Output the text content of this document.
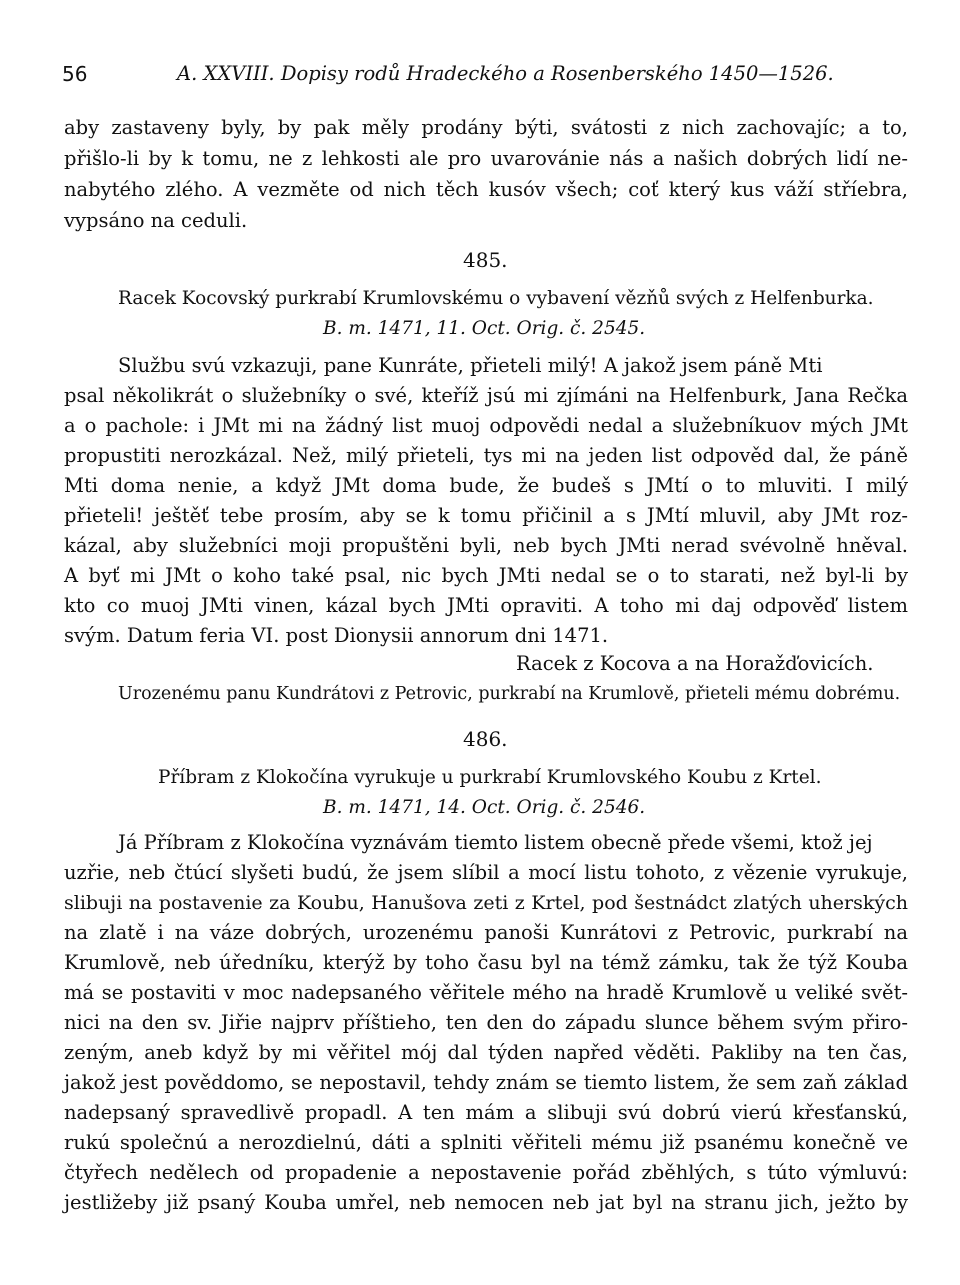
56	A. XXVIII. Dopisy rodů Hradeckého a Rosenberského 1450—1526.
aby zastaveny byly, by pak měly prodány býti, svátosti z nich zachovajíc; a to,
přišlo-li by k tomu, ne z lehkosti ale pro uvarovánie nás a našich dobrých lidí ne-
nabytého zlého. A vezměte od nich těch kusóv všech; coť který kus váží stříebra,
vypsáno na ceduli.
485.
Racek Kocovský purkrabí Krumlovskému o vybavení vězňů svých z Helfenburka.
B. m. 1471, 11. Oct. Orig. č. 2545.
Službu svú vzkazuji, pane Kunráte, přieteli milý! A jakož jsem páně Mti
psal několikrát o služebníky o své, kteříž jsú mi zjímáni na Helfenburk, Jana Rečka
a o pachole: i JMt mi na žádný list muoj odpovědi nedal a služebníkuov mých JMt
propustiti nerozkázal. Než, milý přieteli, tys mi na jeden list odpověd dal, že páně
Mti doma nenie, a když JMt doma bude, že budeš s JMtí o to mluviti. I milý
přieteli! ještěť tebe prosím, aby se k tomu přičinil a s JMtí mluvil, aby JMt roz-
kázal, aby služebníci moji propuštěni byli, neb bych JMti nerad svévolně hněval.
A byť mi JMt o koho také psal, nic bych JMti nedal se o to starati, než byl-li by
kto co muoj JMti vinen, kázal bych JMti opraviti. A toho mi daj odpověď listem
svým. Datum feria VI. post Dionysii annorum dni 1471.
Racek z Kocova a na Horažďovicích.
Urozenému panu Kundrátovi z Petrovic, purkrabí na Krumlově, přieteli mému dobrému.
486.
Příbram z Klokočína vyrukuje u purkrabí Krumlovského Koubu z Krtel.
B. m. 1471, 14. Oct. Orig. č. 2546.
Já Příbram z Klokočína vyznávám tiemto listem obecně přede všemi, ktož jej
uzřie, neb čtúcí slyšeti budú, že jsem slíbil a mocí listu tohoto, z vězenie vyrukuje,
slibuji na postavenie za Koubu, Hanušova zeti z Krtel, pod šestnádct zlatých uherských
na zlatě i na váze dobrých, urozenému panoši Kunrátovi z Petrovic, purkrabí na
Krumlově, neb úředníku, kterýž by toho času byl na témž zámku, tak že týž Kouba
má se postaviti v moc nadepsaného věřitele mého na hradě Krumlově u veliké svět-
nici na den sv. Jiřie najprv příštieho, ten den do západu slunce během svým přiro-
zeným, aneb když by mi věřitel mój dal týden napřed věděti. Pakliby na ten čas,
jakož jest pověddomo, se nepostavil, tehdy znám se tiemto listem, že sem zaň základ
nadepsaný spravedlivě propadl. A ten mám a slibuji svú dobrú vierú křesťanskú,
rukú společnú a nerozdielnú, dáti a splniti věřiteli mému již psanému konečně ve
čtyřech nedělech od propadenie a nepostavenie pořád zběhlých, s túto výmluvú:
jestližeby již psaný Kouba umřel, neb nemocen neb jat byl na stranu jich, ježto by
